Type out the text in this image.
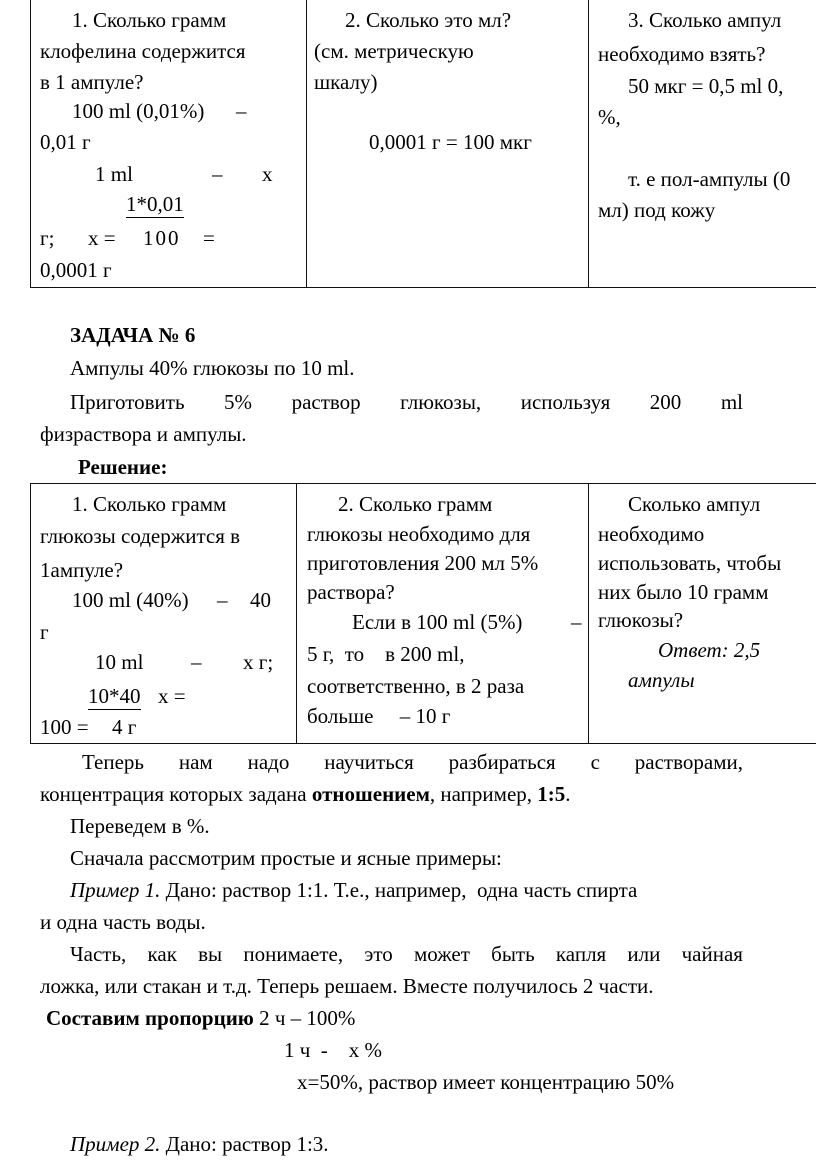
1. Сколько грамм
клофелина содержится
в 1 ампуле?
100 ml (0,01%) –
0,01 г
1 ml	– х
1*0,01
г; х = 100 =
0,0001 г
2. Сколько это мл?
(см. метрическую
шкалу)
0,0001 г = 100 мкг
3. Сколько ампул
необходимо взять?
50 мкг = 0,5 ml 0,
%,
т. е пол-ампулы (0
мл) под кожу
ЗАДАЧА № 6
Ампулы 40% глюкозы по 10 ml.
Приготовить 5% раствор глюкозы, используя 200 ml
физраствора и ампулы.
Решение:
1. Сколько грамм
глюкозы содержится в
1ампуле?
100 ml (40%) – 40
г
10 ml – х г;
10*40 х =
100 = 4 г
2. Сколько грамм
глюкозы необходимо для
приготовления 200 мл 5%
раствора?
Если в 100 ml (5%) –
5 г,  то    в 200 ml,
соответственно, в 2 раза
больше     – 10 г
Сколько ампул
необходимо
использовать, чтобы
них было 10 грамм
глюкозы?
Ответ: 2,5
ампулы
Теперь нам надо научиться разбираться с растворами,
концентрация которых задана отношением, например, 1:5.
Переведем в %.
Сначала рассмотрим простые и ясные примеры:
Пример 1. Дано: раствор 1:1. Т.е., например,  одна часть спирта
и одна часть воды.
Часть, как вы понимаете, это может быть капля или чайная
ложка, или стакан и т.д. Теперь решаем. Вместе получилось 2 части.
Составим пропорцию 2 ч – 100%
1 ч  -    х %
х=50%, раствор имеет концентрацию 50%
Пример 2. Дано: раствор 1:3.
